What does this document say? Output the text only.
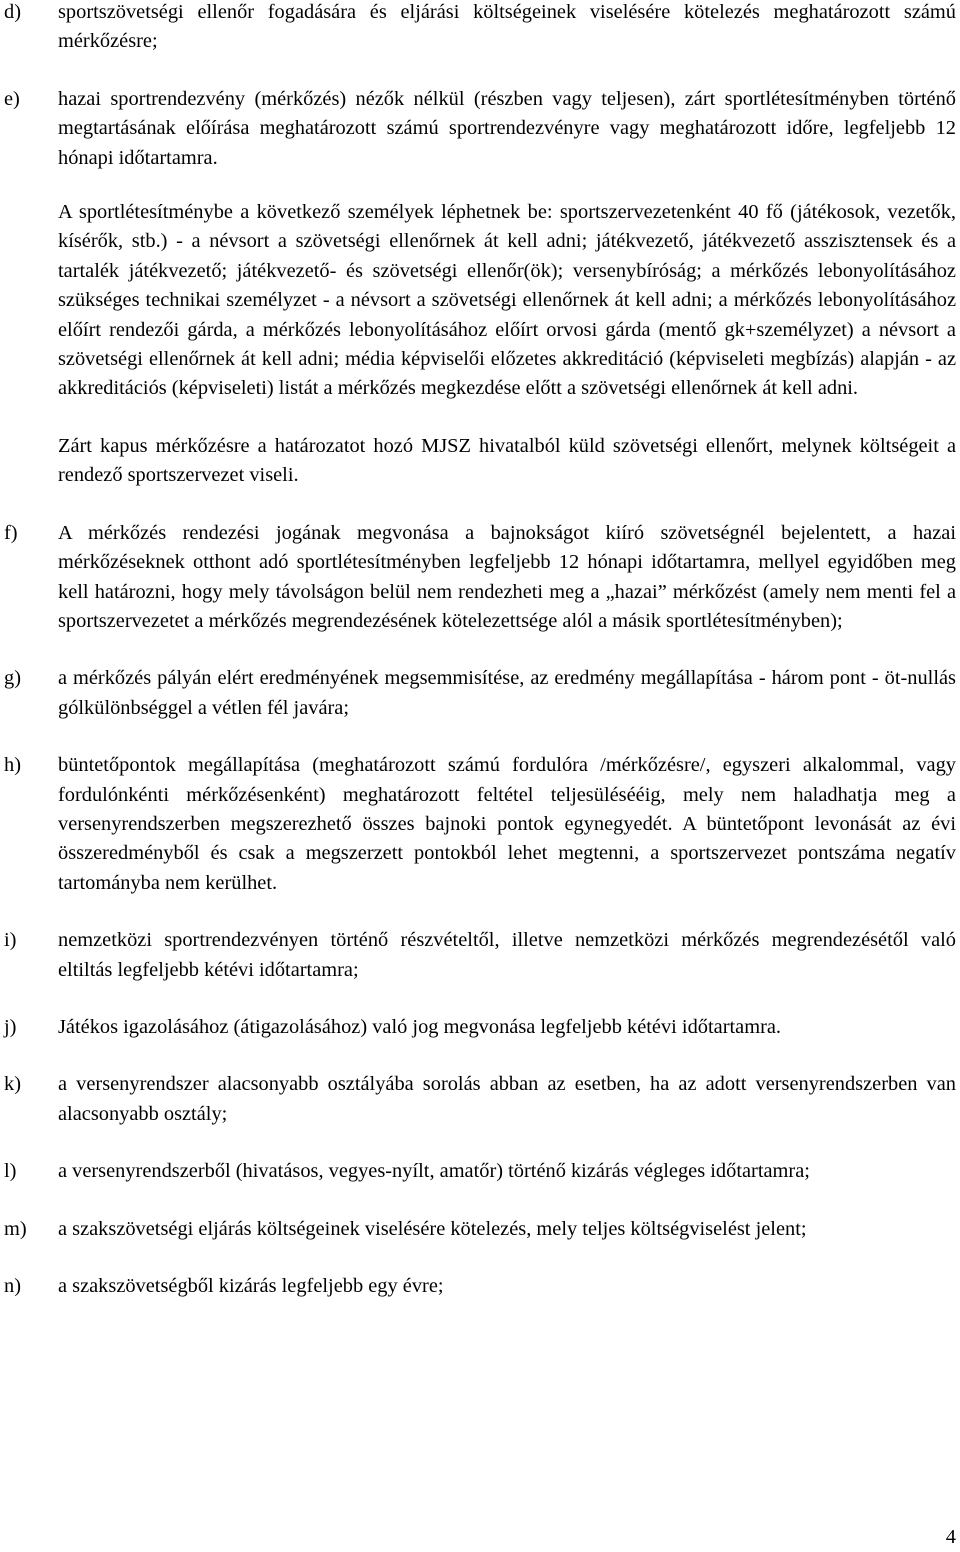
d) sportszövetségi ellenőr fogadására és eljárási költségeinek viselésére kötelezés meghatározott számú mérkőzésre;
e) hazai sportrendezvény (mérkőzés) nézők nélkül (részben vagy teljesen), zárt sportlétesítményben történő megtartásának előírása meghatározott számú sportrendezvényre vagy meghatározott időre, legfeljebb 12 hónapi időtartamra.
A sportlétesítménybe a következő személyek léphetnek be: sportszervezetenként 40 fő (játékosok, vezetők, kísérők, stb.) - a névsort a szövetségi ellenőrnek át kell adni; játékvezető, játékvezető asszisztensek és a tartalék játékvezető; játékvezető- és szövetségi ellenőr(ök); versenybíróság; a mérkőzés lebonyolításához szükséges technikai személyzet - a névsort a szövetségi ellenőrnek át kell adni; a mérkőzés lebonyolításához előírt rendezői gárda, a mérkőzés lebonyolításához előírt orvosi gárda (mentő gk+személyzet) a névsort a szövetségi ellenőrnek át kell adni; média képviselői előzetes akkreditáció (képviseleti megbízás) alapján - az akkreditációs (képviseleti) listát a mérkőzés megkezdése előtt a szövetségi ellenőrnek át kell adni.
Zárt kapus mérkőzésre a határozatot hozó MJSZ hivatalból küld szövetségi ellenőrt, melynek költségeit a rendező sportszervezet viseli.
f) A mérkőzés rendezési jogának megvonása a bajnokságot kiíró szövetségnél bejelentett, a hazai mérkőzéseknek otthont adó sportlétesítményben legfeljebb 12 hónapi időtartamra, mellyel egyidőben meg kell határozni, hogy mely távolságon belül nem rendezheti meg a „hazai” mérkőzést (amely nem menti fel a sportszervezetet a mérkőzés megrendezésének kötelezettsége alól a másik sportlétesítményben);
g) a mérkőzés pályán elért eredményének megsemmisítése, az eredmény megállapítása - három pont - öt-nullás gólkülönbséggel a vétlen fél javára;
h) büntetőpontok megállapítása (meghatározott számú fordulóra /mérkőzésre/, egyszeri alkalommal, vagy fordulónkénti mérkőzésenként) meghatározott feltétel teljesülésééig, mely nem haladhatja meg a versenyrendszerben megszerezhető összes bajnoki pontok egynegyedét. A büntetőpont levonását az évi összeredményből és csak a megszerzett pontokból lehet megtenni, a sportszervezet pontszáma negatív tartományba nem kerülhet.
i) nemzetközi sportrendezvényen történő részvételtől, illetve nemzetközi mérkőzés megrendezésétől való eltiltás legfeljebb kétévi időtartamra;
j) Játékos igazolásához (átigazolásához) való jog megvonása legfeljebb kétévi időtartamra.
k) a versenyrendszer alacsonyabb osztályába sorolás abban az esetben, ha az adott versenyrendszerben van alacsonyabb osztály;
l) a versenyrendszerből (hivatásos, vegyes-nyílt, amatőr) történő kizárás végleges időtartamra;
m) a szakszövetségi eljárás költségeinek viselésére kötelezés, mely teljes költségviselést jelent;
n) a szakszövetségből kizárás legfeljebb egy évre;
4
